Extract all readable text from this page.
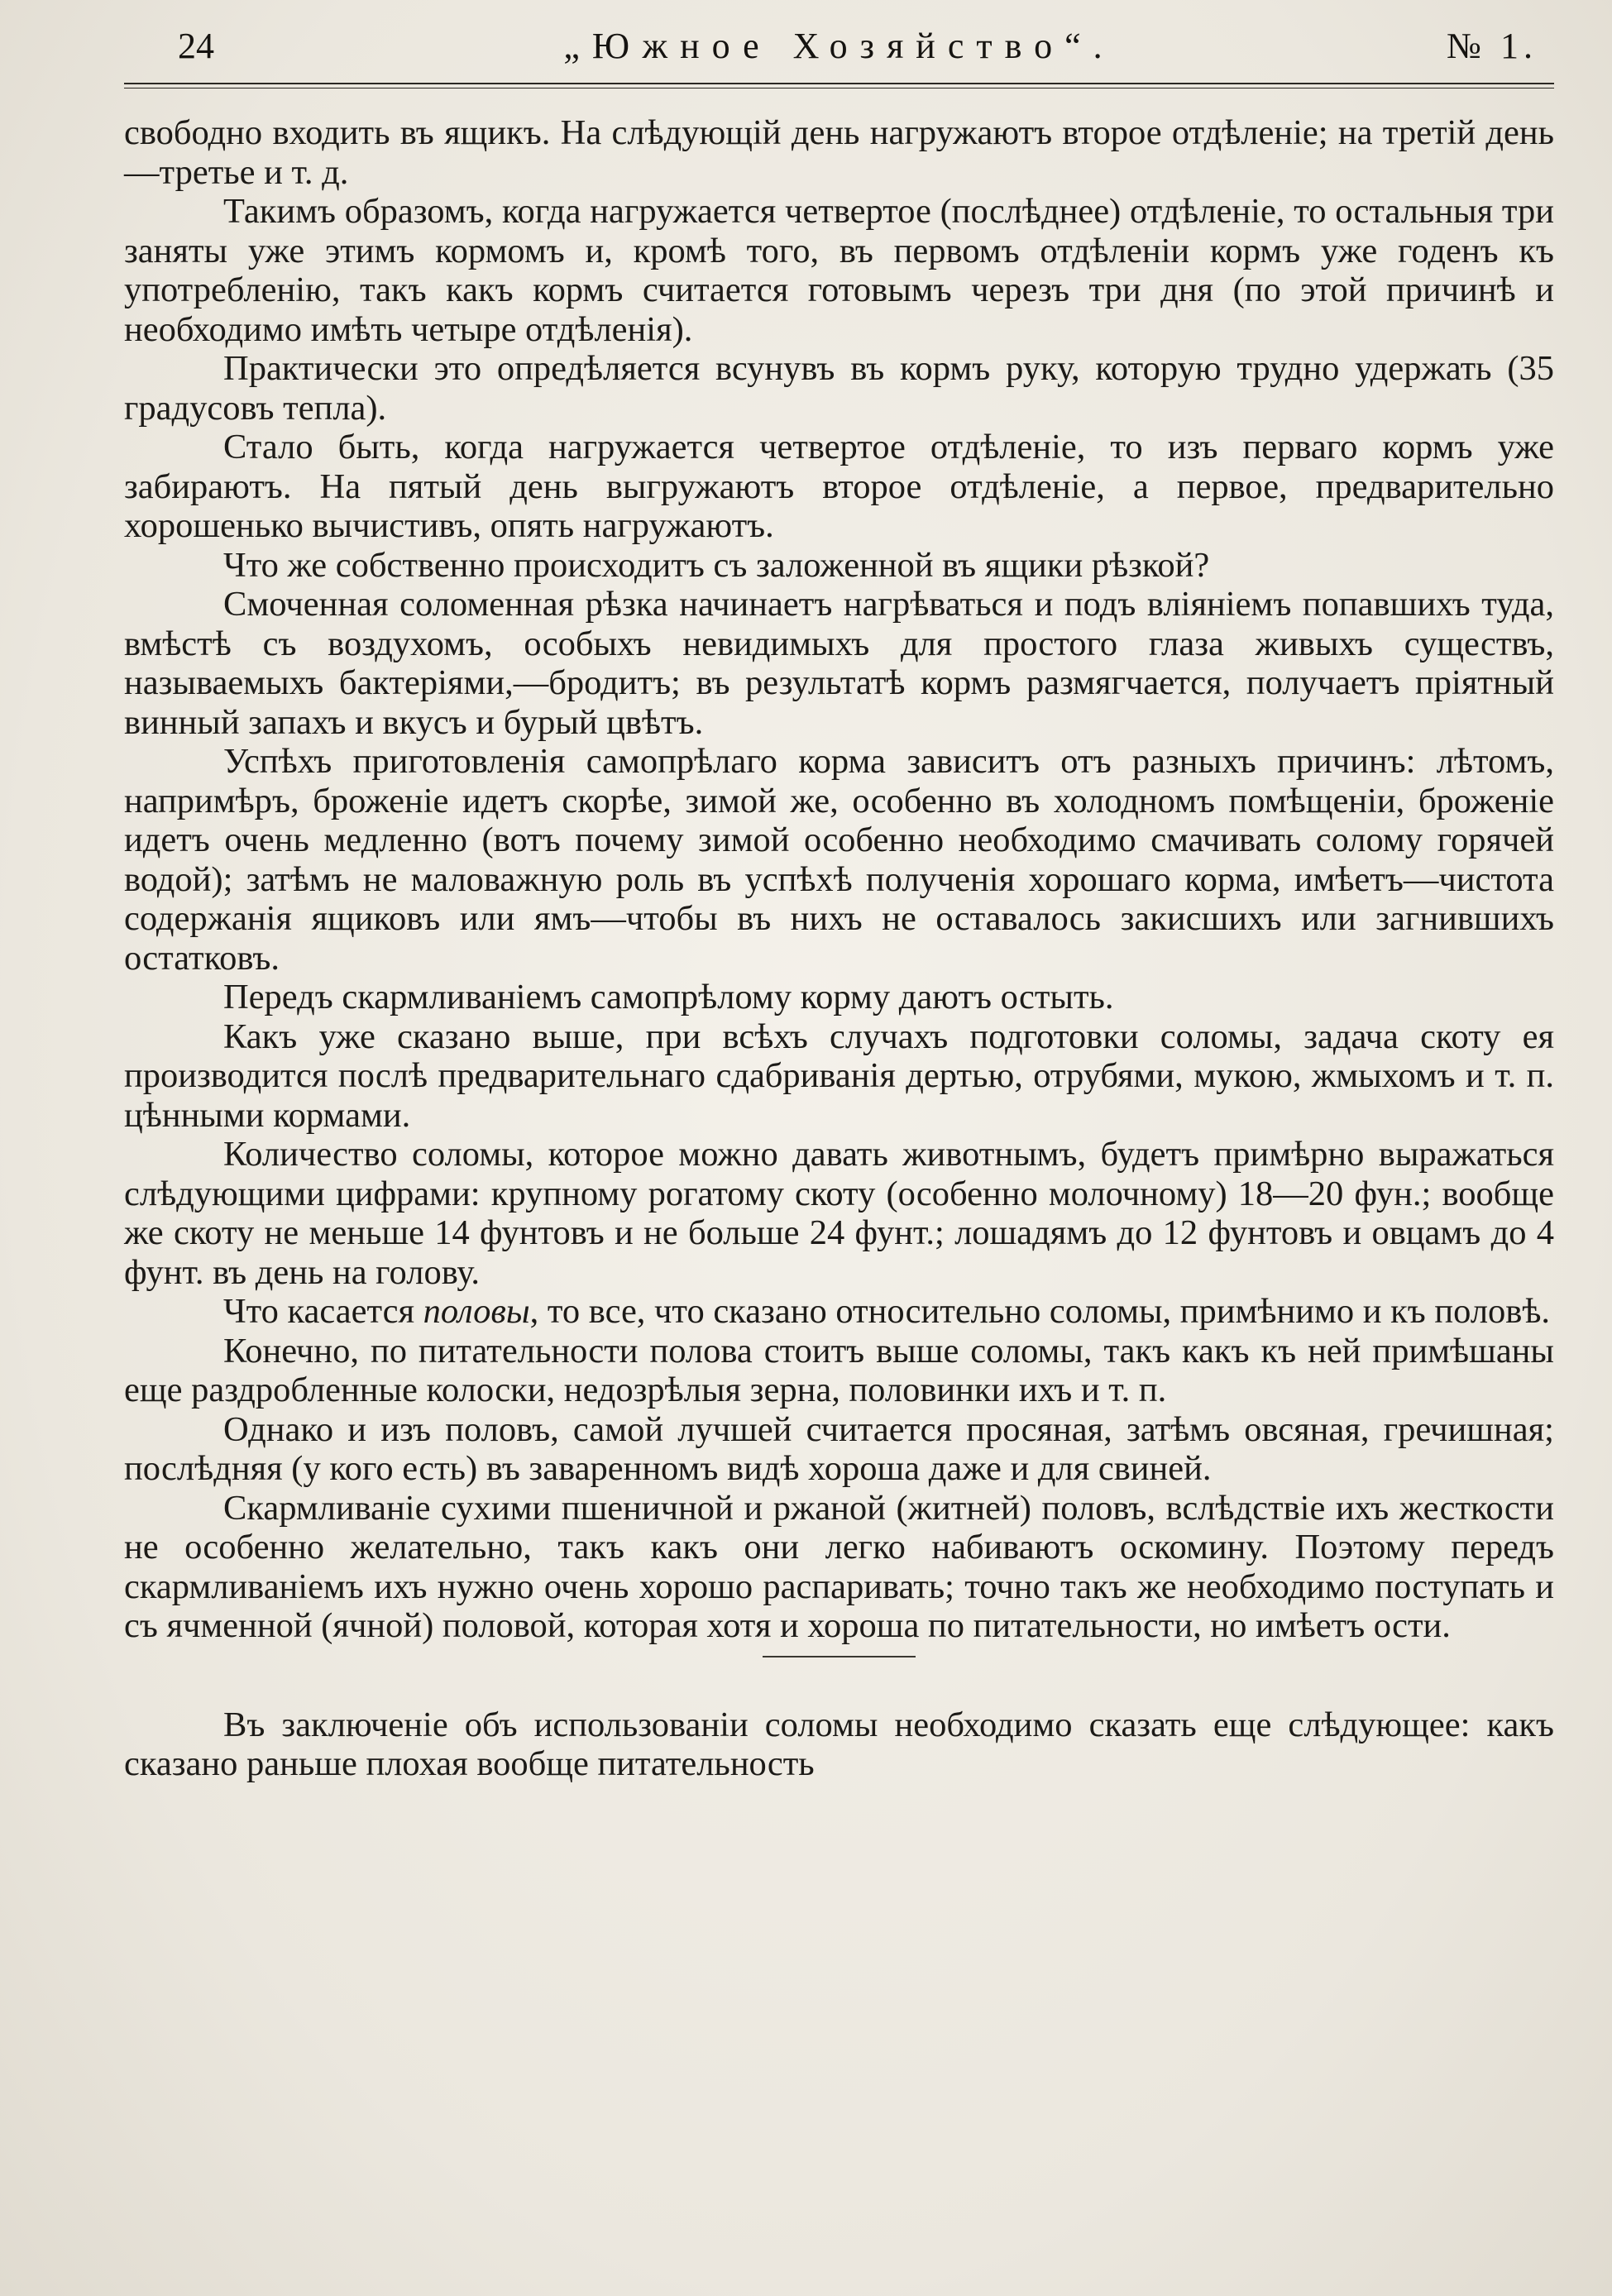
24	„Южное Хозяйство“.	№ 1.

свободно входить въ ящикъ. На слѣдующій день нагружаютъ второе отдѣленіе; на третій день—третье и т. д.

Такимъ образомъ, когда нагружается четвертое (послѣднее) отдѣленіе, то остальныя три заняты уже этимъ кормомъ и, кромѣ того, въ первомъ отдѣленіи кормъ уже годенъ къ употребленію, такъ какъ кормъ считается готовымъ черезъ три дня (по этой причинѣ и необходимо имѣть четыре отдѣленія).

Практически это опредѣляется всунувъ въ кормъ руку, которую трудно удержать (35 градусовъ тепла).

Стало быть, когда нагружается четвертое отдѣленіе, то изъ перваго кормъ уже забираютъ. На пятый день выгружаютъ второе отдѣленіе, а первое, предварительно хорошенько вычистивъ, опять нагружаютъ.

Что же собственно происходитъ съ заложенной въ ящики рѣзкой?

Смоченная соломенная рѣзка начинаетъ нагрѣваться и подъ вліяніемъ попавшихъ туда, вмѣстѣ съ воздухомъ, особыхъ невидимыхъ для простого глаза живыхъ существъ, называемыхъ бактеріями,—бродитъ; въ результатѣ кормъ размягчается, получаетъ пріятный винный запахъ и вкусъ и бурый цвѣтъ.

Успѣхъ приготовленія самопрѣлаго корма зависитъ отъ разныхъ причинъ: лѣтомъ, напримѣръ, броженіе идетъ скорѣе, зимой же, особенно въ холодномъ помѣщеніи, броженіе идетъ очень медленно (вотъ почему зимой особенно необходимо смачивать солому горячей водой); затѣмъ не маловажную роль въ успѣхѣ полученія хорошаго корма, имѣетъ—чистота содержанія ящиковъ или ямъ—чтобы въ нихъ не оставалось закисшихъ или загнившихъ остатковъ.

Передъ скармливаніемъ самопрѣлому корму даютъ остыть.

Какъ уже сказано выше, при всѣхъ случахъ подготовки соломы, задача скоту ея производится послѣ предварительнаго сдабриванія дертью, отрубями, мукою, жмыхомъ и т. п. цѣнными кормами.

Количество соломы, которое можно давать животнымъ, будетъ примѣрно выражаться слѣдующими цифрами: крупному рогатому скоту (особенно молочному) 18—20 фун.; вообще же скоту не меньше 14 фунтовъ и не больше 24 фунт.; лошадямъ до 12 фунтовъ и овцамъ до 4 фунт. въ день на голову.

Что касается половы, то все, что сказано относительно соломы, примѣнимо и къ половѣ.

Конечно, по питательности полова стоитъ выше соломы, такъ какъ къ ней примѣшаны еще раздробленные колоски, недозрѣлыя зерна, половинки ихъ и т. п.

Однако и изъ половъ, самой лучшей считается просяная, затѣмъ овсяная, гречишная; послѣдняя (у кого есть) въ заваренномъ видѣ хороша даже и для свиней.

Скармливаніе сухими пшеничной и ржаной (житней) половъ, вслѣдствіе ихъ жесткости не особенно желательно, такъ какъ они легко набиваютъ оскомину. Поэтому передъ скармливаніемъ ихъ нужно очень хорошо распаривать; точно такъ же необходимо поступать и съ ячменной (ячной) половой, которая хотя и хороша по питательности, но имѣетъ ости.

Въ заключеніе объ использованіи соломы необходимо сказать еще слѣдующее: какъ сказано раньше плохая вообще питательность
